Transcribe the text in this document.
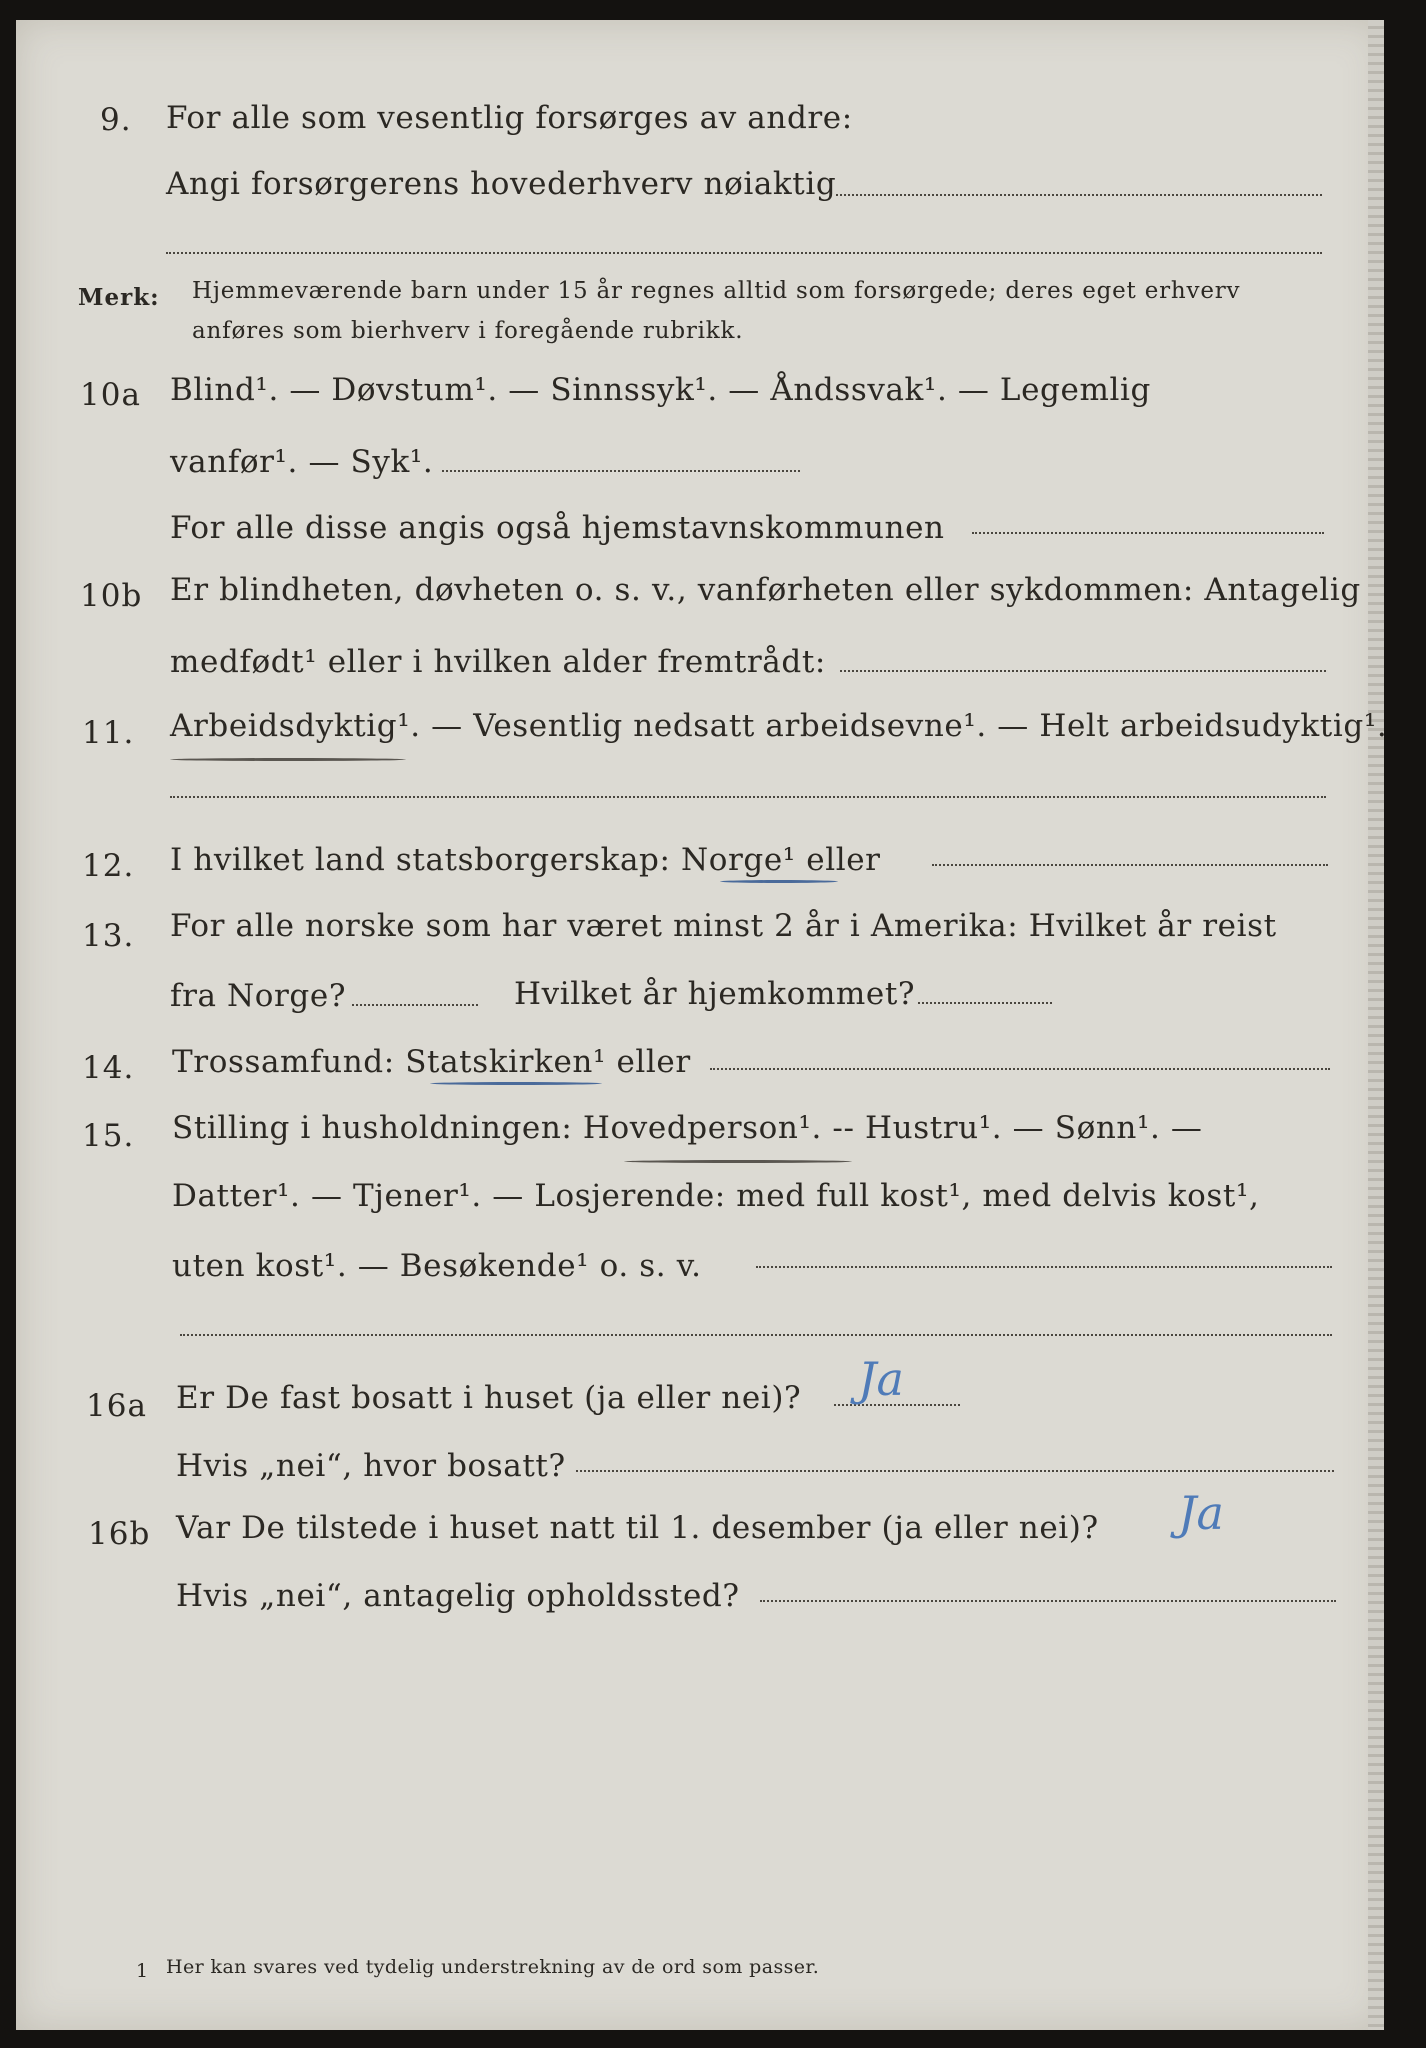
9. For alle som vesentlig forsørges av andre:
Angi forsørgerens hovederhverv nøiaktig
Merk: Hjemmeværende barn under 15 år regnes alltid som forsørgede; deres eget erhverv
anføres som bierhverv i foregående rubrikk.
10a Blind¹. — Døvstum¹. — Sinnssyk¹. — Åndssvak¹. — Legemlig
vanfør¹. — Syk¹.
For alle disse angis også hjemstavnskommunen
10b Er blindheten, døvheten o. s. v., vanførheten eller sykdommen: Antagelig
medfødt¹ eller i hvilken alder fremtrådt:
11. Arbeidsdyktig¹. — Vesentlig nedsatt arbeidsevne¹. — Helt arbeidsudyktig¹.
12. I hvilket land statsborgerskap: Norge¹ eller
13. For alle norske som har været minst 2 år i Amerika: Hvilket år reist
fra Norge?	Hvilket år hjemkommet?
14. Trossamfund: Statskirken¹ eller
15. Stilling i husholdningen: Hovedperson¹. -- Hustru¹. — Sønn¹. —
Datter¹. — Tjener¹. — Losjerende: med full kost¹, med delvis kost¹,
uten kost¹. — Besøkende¹ o. s. v.
16a Er De fast bosatt i huset (ja eller nei)? Ja
Hvis „nei“, hvor bosatt?
16b Var De tilstede i huset natt til 1. desember (ja eller nei)? Ja
Hvis „nei“, antagelig opholdssted?
1 Her kan svares ved tydelig understrekning av de ord som passer.
